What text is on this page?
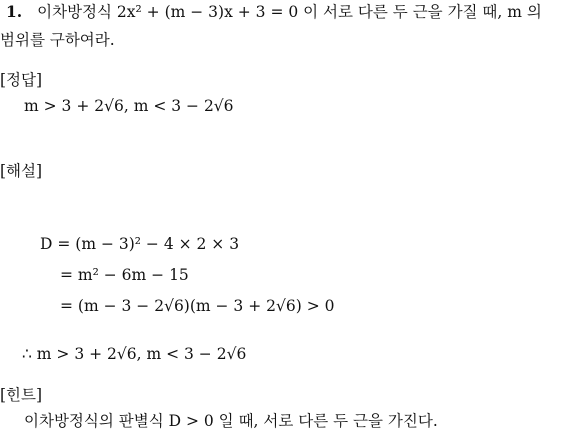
1. 이차방정식 2x² + (m − 3)x + 3 = 0 이 서로 다른 두 근을 가질 때, m 의
범위를 구하여라.
[정답]
m > 3 + 2√6, m < 3 − 2√6
[해설]
D = (m − 3)² − 4 × 2 × 3
= m² − 6m − 15
= (m − 3 − 2√6)(m − 3 + 2√6) > 0
∴ m > 3 + 2√6, m < 3 − 2√6
[힌트]
이차방정식의 판별식 D > 0 일 때, 서로 다른 두 근을 가진다.
